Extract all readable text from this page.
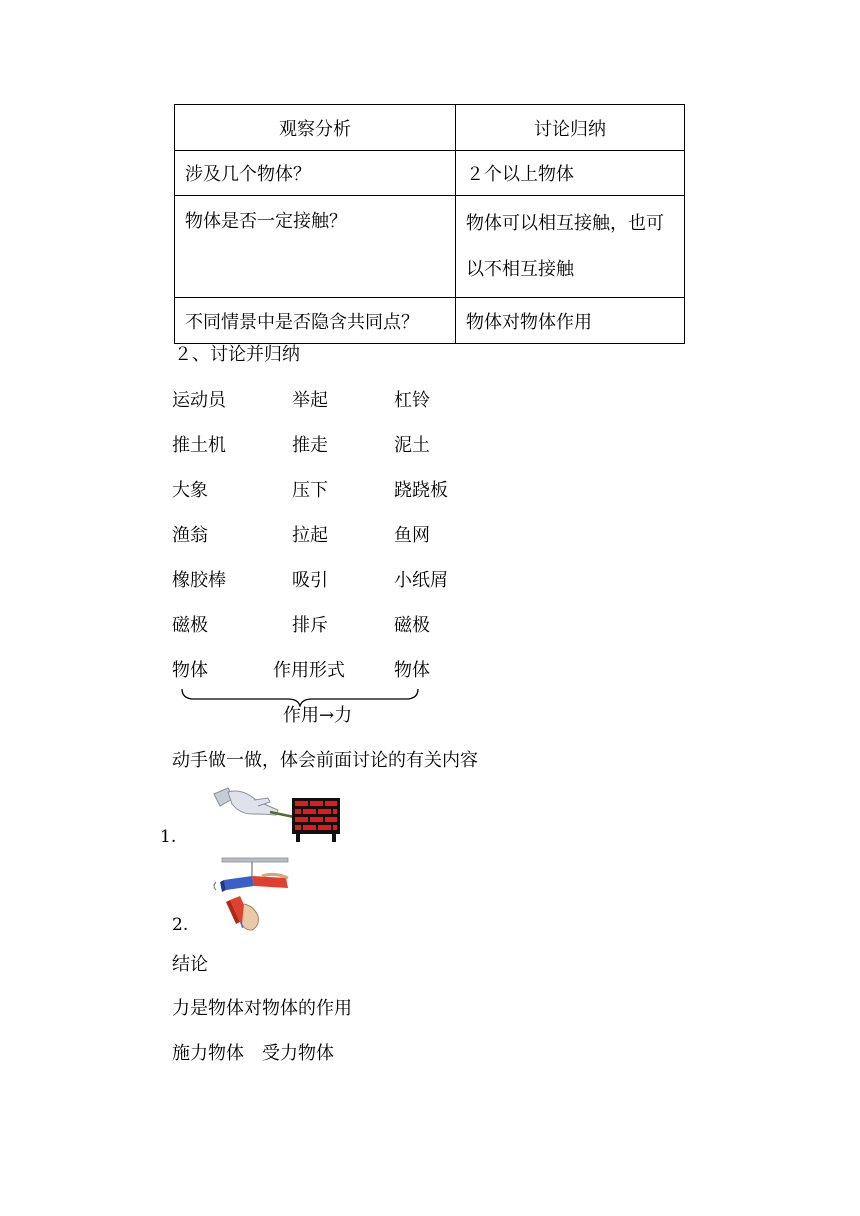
观察分析	讨论归纳
涉及几个物体？	２个以上物体
物体是否一定接触？	物体可以相互接触，也可以不相互接触
不同情景中是否隐含共同点？	物体对物体作用
２、讨论并归纳
运动员	举起	杠铃
推土机	推走	泥土
大象	压下	跷跷板
渔翁	拉起	鱼网
橡胶棒	吸引	小纸屑
磁极	排斥	磁极
物体	作用形式	物体
作用→力
动手做一做，体会前面讨论的有关内容
1.
2.
结论
力是物体对物体的作用
施力物体　受力物体
